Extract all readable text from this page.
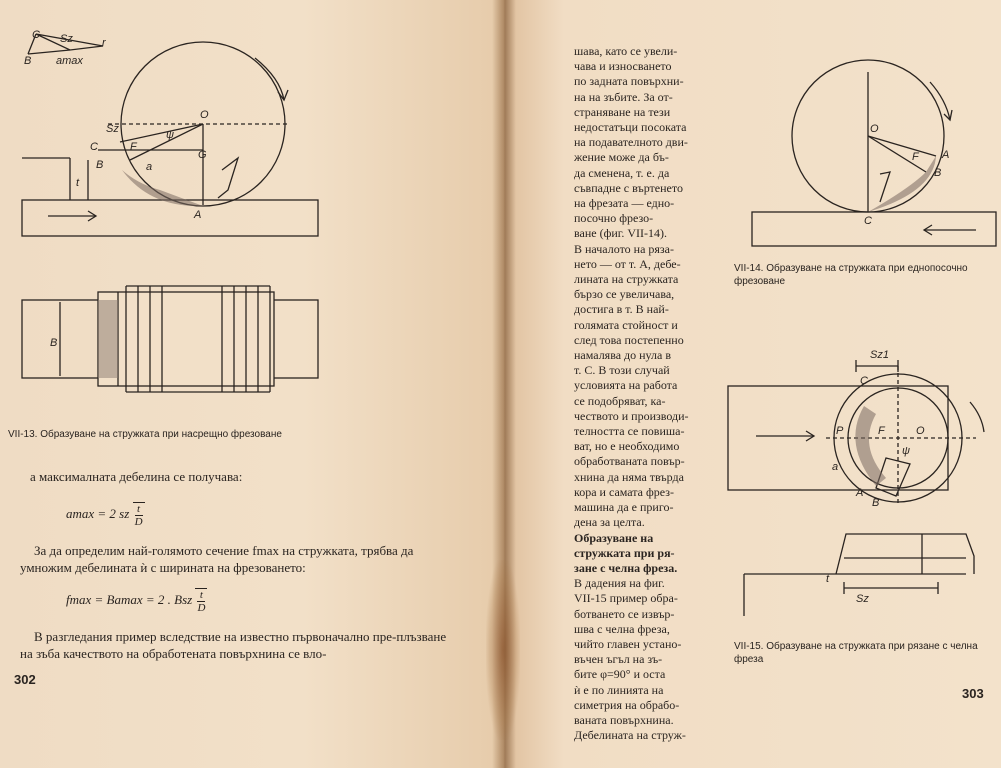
C Sz	r
B amax
O
Sz	ψ
C	F
G
B	a
t
A
B
VII-13. Образуване на стружката при насрещно фрезоване
а максималната дебелина се получава:
amax = 2 sz $\frac{t}{D}$
За да определим най-голямото сечение fmax на стружката, трябва да умножим дебелината ѝ с ширината на фрезоването:
fmax = Bamax = 2 . Bsz $\frac{t}{D}$
В разгледания пример вследствие на известно първоначално пре-плъзване на зъба качеството на обработената повърхнина се вло-
302
шава, като се увели-
чава и износването
по задната повърхни-
на на зъбите. За от-
страняване на тези
недостатъци посоката
на подавателното дви-
жение може да бъ-
да сменена, т. е. да
съвпадне с въртенето
на фрезата — едно-
посочно фрезо-
ване (фиг. VII-14).
В началото на ряза-
нето — от т. A, дебе-
лината на стружката
бързо се увеличава,
достига в т. B най-
голямата стойност и
след това постепенно
намалява до нула в
т. C. В този случай
условията на работа
се подобряват, ка-
чеството и производи-
телността се повиша-
ват, но е необходимо
обработваната повър-
хнина да няма твърда
кора и самата фрез-
машина да е приго-
дена за целта.
Образуване на
стружката при ря-
зане с челна фреза.
В дадения на фиг.
VII-15 пример обра-
ботването се извър-
шва с челна фреза,
чийто главен устано-
въчен ъгъл на зъ-
бите φ=90° и оста
ѝ е по линията на
симетрия на обрабо-
ваната повърхнина.
Дебелината на струж-
O
F A
B
C
VII-14. Образуване на стружката при еднопосочно фрезоване
Sz1
C
P	F	O
ψ
a
A
B
t
Sz
VII-15. Образуване на стружката при рязане с челна фреза
303
